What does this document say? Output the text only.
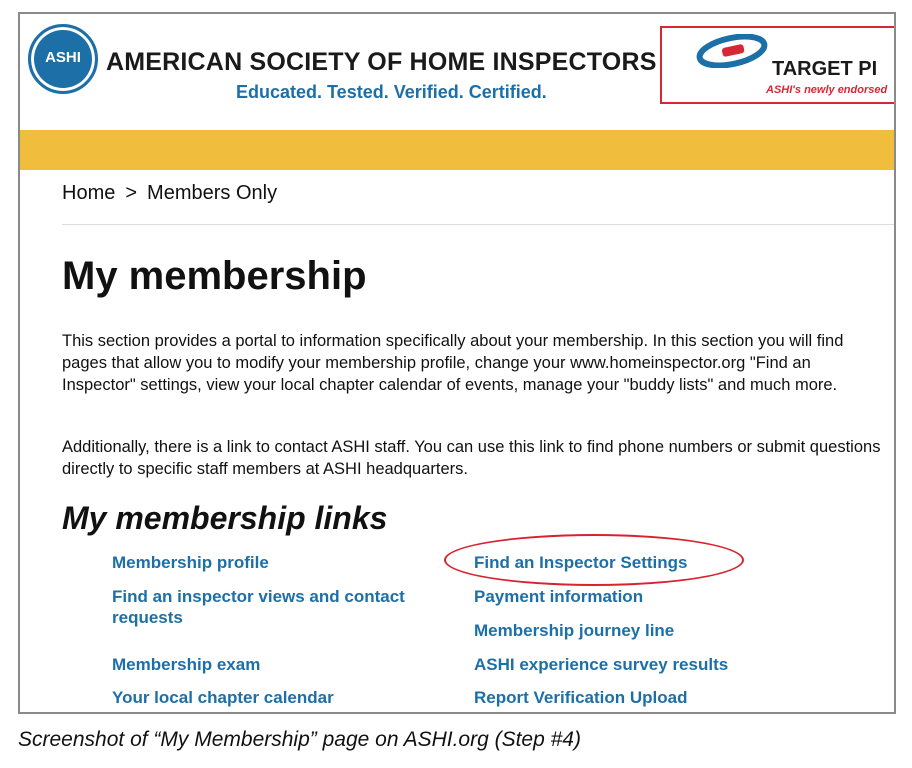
ASHI	AMERICAN SOCIETY OF HOME INSPECTORS
Educated. Tested. Verified. Certified.
TARGET PI
ASHI's newly endorsed
Home > Members Only
My membership

This section provides a portal to information specifically about your membership. In this section you will find pages that allow you to modify your membership profile, change your www.homeinspector.org "Find an Inspector" settings, view your local chapter calendar of events, manage your "buddy lists" and much more.

Additionally, there is a link to contact ASHI staff. You can use this link to find phone numbers or submit questions directly to specific staff members at ASHI headquarters.

My membership links
Membership profile
Find an inspector views and contact requests
Membership exam
Your local chapter calendar
Find an Inspector Settings
Payment information
Membership journey line
ASHI experience survey results
Report Verification Upload
Screenshot of “My Membership” page on ASHI.org (Step #4)
